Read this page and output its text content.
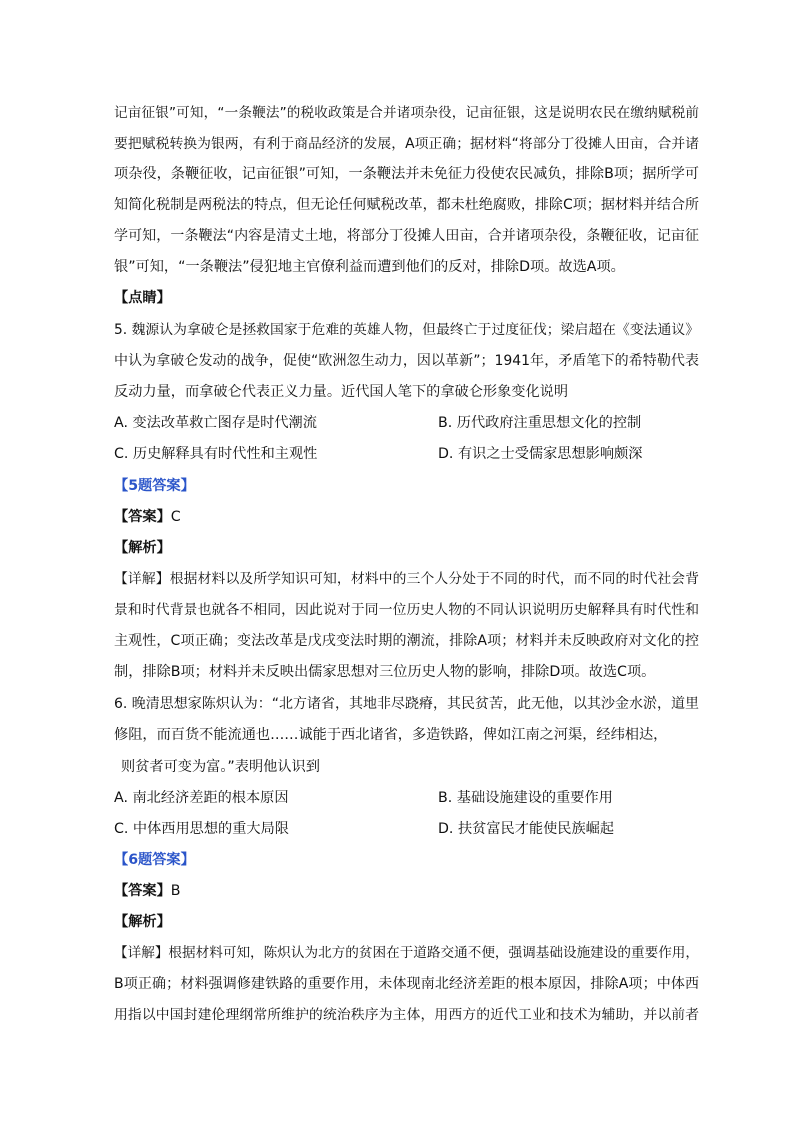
记亩征银”可知，“一条鞭法”的税收政策是合并诸项杂役，记亩征银，这是说明农民在缴纳赋税前
要把赋税转换为银两，有利于商品经济的发展，A项正确；据材料“将部分丁役摊人田亩，合并诸
项杂役，条鞭征收，记亩征银”可知，一条鞭法并未免征力役使农民减负，排除B项；据所学可
知简化税制是两税法的特点，但无论任何赋税改革，都未杜绝腐败，排除C项；据材料并结合所
学可知，一条鞭法“内容是清丈土地，将部分丁役摊人田亩，合并诸项杂役，条鞭征收，记亩征
银”可知，“一条鞭法”侵犯地主官僚利益而遭到他们的反对，排除D项。故选A项。
【点睛】
5. 魏源认为拿破仑是拯救国家于危难的英雄人物，但最终亡于过度征伐；梁启超在《变法通议》
中认为拿破仑发动的战争，促使“欧洲忽生动力，因以革新”；1941年，矛盾笔下的希特勒代表
反动力量，而拿破仑代表正义力量。近代国人笔下的拿破仑形象变化说明
A. 变法改革救亡图存是时代潮流	B. 历代政府注重思想文化的控制
C. 历史解释具有时代性和主观性	D. 有识之士受儒家思想影响颇深
【5题答案】
【答案】C
【解析】
【详解】根据材料以及所学知识可知，材料中的三个人分处于不同的时代，而不同的时代社会背
景和时代背景也就各不相同，因此说对于同一位历史人物的不同认识说明历史解释具有时代性和
主观性，C项正确；变法改革是戊戌变法时期的潮流，排除A项；材料并未反映政府对文化的控
制，排除B项；材料并未反映出儒家思想对三位历史人物的影响，排除D项。故选C项。
6. 晚清思想家陈炽认为：“北方诸省，其地非尽跷瘠，其民贫苦，此无他，以其沙金水淤，道里
修阻，而百货不能流通也……诚能于西北诸省，多造铁路，俾如江南之河渠，经纬相达，
则贫者可变为富。”表明他认识到
A. 南北经济差距的根本原因	B. 基础设施建设的重要作用
C. 中体西用思想的重大局限	D. 扶贫富民才能使民族崛起
【6题答案】
【答案】B
【解析】
【详解】根据材料可知，陈炽认为北方的贫困在于道路交通不便，强调基础设施建设的重要作用，
B项正确；材料强调修建铁路的重要作用，未体现南北经济差距的根本原因，排除A项；中体西
用指以中国封建伦理纲常所维护的统治秩序为主体，用西方的近代工业和技术为辅助，并以前者
